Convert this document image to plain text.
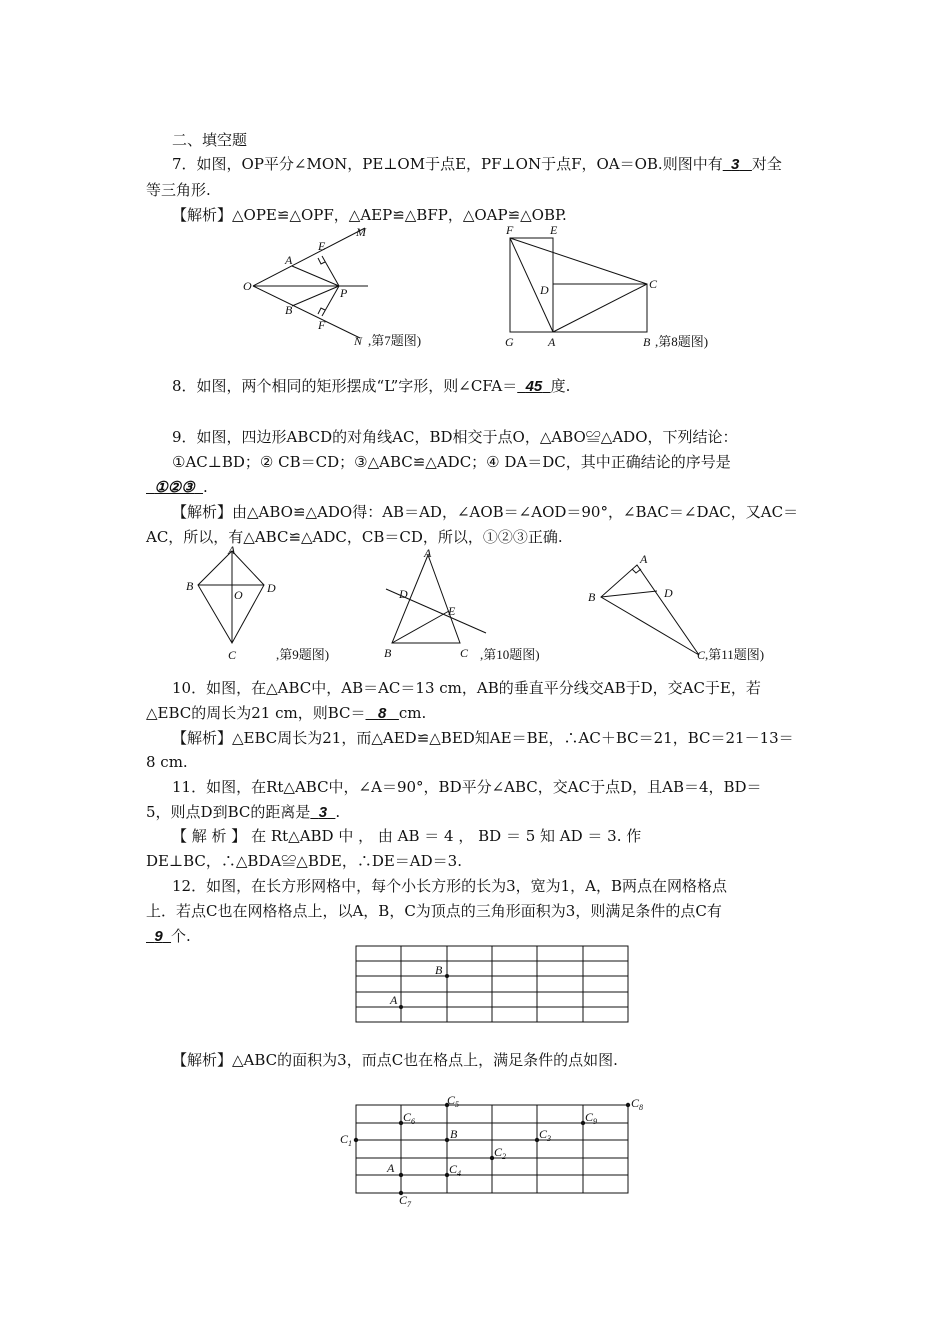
二、填空题
7．如图，OP平分∠MON，PE⊥OM于点E，PF⊥ON于点F，OA＝OB.则图中有 3 对全
等三角形.
【解析】△OPE≌△OPF，△AEP≌△BFP，△OAP≌△OBP.
O
A
E
M
P
B
F
N ,第7题图)
F	E
D	C
G	A	B ,第8题图)
8．如图，两个相同的矩形摆成“L”字形，则∠CFA＝ 45 度.
9．如图，四边形ABCD的对角线AC，BD相交于点O，△ABO≌△ADO，下列结论：
①AC⊥BD；② CB＝CD；③△ABC≌△ADC；④ DA＝DC，其中正确结论的序号是
①②③ .
【解析】由△ABO≌△ADO得：AB＝AD，∠AOB＝∠AOD＝90°，∠BAC＝∠DAC，又AC＝
AC，所以，有△ABC≌△ADC，CB＝CD，所以，①②③正确.
A
B	D
O
C	,第9题图)
A
D
E
B	C ,第10题图)
A
B	D
C ,第11题图)
10．如图，在△ABC中，AB＝AC＝13 cm，AB的垂直平分线交AB于D，交AC于E，若
△EBC的周长为21 cm，则BC＝ 8 cm.
【解析】△EBC周长为21，而△AED≌△BED知AE＝BE，∴AC＋BC＝21，BC＝21－13＝
8 cm.
11．如图，在Rt△ABC中，∠A＝90°，BD平分∠ABC，交AC于点D，且AB＝4，BD＝
5，则点D到BC的距离是 3 .
【 解 析 】 在 Rt△ABD 中 ， 由 AB ＝ 4 ， BD ＝ 5 知 AD ＝ 3. 作
DE⊥BC，∴△BDA≌△BDE，∴DE＝AD＝3.
12．如图，在长方形网格中，每个小长方形的长为3，宽为1，A，B两点在网格格点
上．若点C也在网格格点上，以A，B，C为顶点的三角形面积为3，则满足条件的点C有
9 个.
B
A
【解析】△ABC的面积为3，而点C也在格点上，满足条件的点如图.
$C_5$
$C_6$
$C_1$
B	$C_3$
$C_9$
$C_8$
$C_2$
A	$C_4$
$C_7$
